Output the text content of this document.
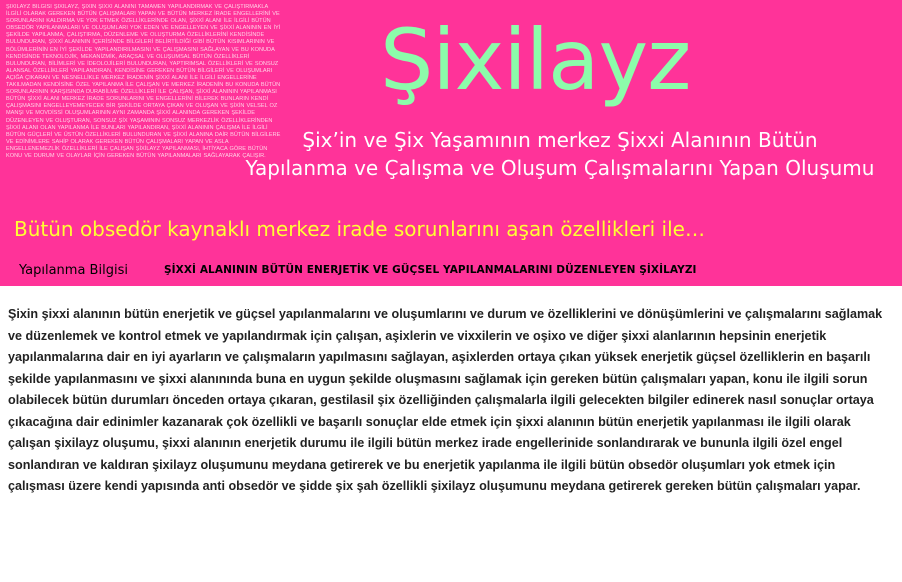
ŞİXİLAYZ BİLGİSİ ŞİXİLAYZ, ŞİXİN ŞİXXİ ALANINI TAMAMEN YAPILANDIRMAK VE ÇALIŞTIRMAKLA İLGİLİ OLARAK GEREKEN BÜTÜN ÇALIŞMALARI YAPAN VE BÜTÜN MERKEZ İRADE ENGELLERİNİ VE SORUNLARINI KALDIRMA VE YOK ETMEK ÖZELLİKLERİNDE OLAN, ŞİXXİ ALANI İLE İLGİLİ BÜTÜN OBSEDÖR YAPILANMALARI VE OLUŞUMLARI YOK EDEN VE ENGELLEYEN VE ŞİXXİ ALANININ EN İYİ ŞEKİLDE YAPILANMA, ÇALIŞTIRMA, DÜZENLEME VE OLUŞTURMA ÖZELLİKLERİNİ KENDİSİNDE BULUNDURAN, ŞİXXİ ALANININ İÇERİSİNDE BİLGİLERİ BELİRTİLDİĞİ GİBİ BÜTÜN KISIMLARININ VE BÖLÜMLERİNİN EN İYİ ŞEKİLDE YAPILANDIRILMASINI VE ÇALIŞMASINI SAĞLAYAN VE BU KONUDA KENDİSİNDE TEKNOLOJİK, MEKANİZMİK, ARAÇSAL VE OLUŞUMSAL BÜTÜN ÖZELLİKLERİ BULUNDURAN, BİLİMLERİ VE İDEOLOJİLERİ BULUNDURAN, YAPTIRIMSAL ÖZELLİKLERİ VE SONSUZ ALANSAL ÖZELLİKLERİ YAPILANDIRAN, KENDİSİNE GEREKEN BÜTÜN BİLGİLERİ VE OLUŞUMLARI AÇIĞA ÇIKARAN VE NESNELLİKLE MERKEZ İRADENİN ŞİXXİ ALANI İLE İLGİLİ ENGELLERİNE TAKILMADAN KENDİSİNE ÖZEL YAPILANMA İLE ÇALIŞAN VE MERKEZ İRADENİN BU KONUDA BÜTÜN SORUNLARININ KARŞISINDA DURABİLME ÖZELLİKLERİ İLE ÇALIŞAN, ŞİXXİ ALANININ YAPILANMASI BÜTÜN ŞİXXİ ALANI MERKEZ İRADE SORUNLARINI VE ENGELLERİNİ BİLEREK BUNLARIN KENDİ ÇALIŞMASINI ENGELLEYEMEYECEK BİR ŞEKİLDE ORTAYA ÇIKAN VE OLUŞAN VE ŞİXİN VELSEL OZ MANŞI VE MOVDİSSİ OLUŞUMLARININ AYNI ZAMANDA ŞİXXİ ALANINDA GEREKEN ŞEKİLDE DÜZENLEYEN VE OLUŞTURAN, SONSUZ ŞİX YAŞAMININ SONSUZ MERKEZLİK ÖZELLİKLERİNDEN ŞİXXİ ALANI OLAN YAPILANMA İLE BUNLARI YAPILANDIRAN, ŞİXXİ ALANININ ÇALIŞMA İLE İLGİLİ BÜTÜN GÜÇLERİ VE ÜSTÜN ÖZELLİKLERİ BULUNDURAN VE ŞİXXİ ALANINA DAİR BÜTÜN BİLGİLERE VE EDİNİMLERE SAHİP OLARAK GEREKEN BÜTÜN ÇALIŞMALARI YAPAN VE ASLA ENGELLENEMEZLİK ÖZELLİKLERİ İLE ÇALIŞAN ŞİXİLAYZ YAPILANMASI, İHTİYACA GÖRE BÜTÜN KONU VE DURUM VE OLAYLAR İÇİN GEREKEN BÜTÜN YAPILANMALARI SAĞLAYARAK ÇALIŞIR.
Şixilayz
Şix’in ve Şix Yaşamının merkez Şixxi Alanının Bütün
Yapılanma ve Çalışma ve Oluşum Çalışmalarını Yapan Oluşumu
Bütün obsedör kaynaklı merkez irade sorunlarını aşan özellikleri ile…
Yapılanma Bilgisi	ŞİXXİ ALANININ BÜTÜN ENERJETİK VE GÜÇSEL YAPILANMALARINI DÜZENLEYEN ŞİXİLAYZI
Şixin şixxi alanının bütün enerjetik ve güçsel yapılanmalarını ve oluşumlarını ve durum ve özelliklerini ve dönüşümlerini ve çalışmalarını sağlamak ve düzenlemek ve kontrol etmek ve yapılandırmak için çalışan, aşixlerin ve vixxilerin ve oşixo ve diğer şixxi alanlarının hepsinin enerjetik yapılanmalarına dair en iyi ayarların ve çalışmaların yapılmasını sağlayan, aşixlerden ortaya çıkan yüksek enerjetik güçsel özelliklerin en başarılı şekilde yapılanmasını ve şixxi alanınında buna en uygun şekilde oluşmasını sağlamak için gereken bütün çalışmaları yapan, konu ile ilgili sorun olabilecek bütün durumları önceden ortaya çıkaran, gestilasil şix özelliğinden çalışmalarla ilgili gelecekten bilgiler edinerek nasıl sonuçlar ortaya çıkacağına dair edinimler kazanarak çok özellikli ve başarılı sonuçlar elde etmek için şixxi alanının bütün enerjetik yapılanması ile ilgili olarak çalışan şixilayz oluşumu, şixxi alanının enerjetik durumu ile ilgili bütün merkez irade engellerinide sonlandırarak ve bununla ilgili özel engel sonlandıran ve kaldıran şixilayz oluşumunu meydana getirerek ve bu enerjetik yapılanma ile ilgili bütün obsedör oluşumları yok etmek için çalışması üzere kendi yapısında anti obsedör ve şidde şix şah özellikli şixilayz oluşumunu meydana getirerek gereken bütün çalışmaları yapar.
